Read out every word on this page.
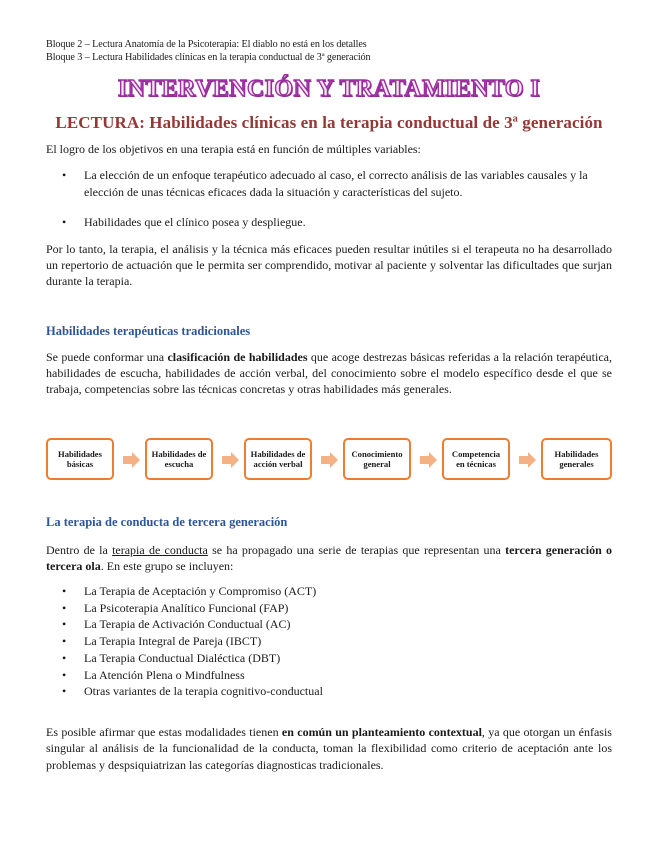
Bloque 2 – Lectura Anatomía de la Psicoterapia: El diablo no está en los detalles
Bloque 3 – Lectura Habilidades clínicas en la terapia conductual de 3ª generación
INTERVENCIÓN Y TRATAMIENTO I
LECTURA: Habilidades clínicas en la terapia conductual de 3ª generación

El logro de los objetivos en una terapia está en función de múltiples variables:

• La elección de un enfoque terapéutico adecuado al caso, el correcto análisis de las variables causales y la elección de unas técnicas eficaces dada la situación y características del sujeto.
• Habilidades que el clínico posea y despliegue.

Por lo tanto, la terapia, el análisis y la técnica más eficaces pueden resultar inútiles si el terapeuta no ha desarrollado un repertorio de actuación que le permita ser comprendido, motivar al paciente y solventar las dificultades que surjan durante la terapia.

Habilidades terapéuticas tradicionales

Se puede conformar una clasificación de habilidades que acoge destrezas básicas referidas a la relación terapéutica, habilidades de escucha, habilidades de acción verbal, del conocimiento sobre el modelo específico desde el que se trabaja, competencias sobre las técnicas concretas y otras habilidades más generales.

Habilidades básicas
Habilidades de escucha
Habilidades de acción verbal
Conocimiento general
Competencia en técnicas
Habilidades generales
La terapia de conducta de tercera generación

Dentro de la terapia de conducta se ha propagado una serie de terapias que representan una tercera generación o tercera ola. En este grupo se incluyen:

• La Terapia de Aceptación y Compromiso (ACT)
• La Psicoterapia Analítico Funcional (FAP)
• La Terapia de Activación Conductual (AC)
• La Terapia Integral de Pareja (IBCT)
• La Terapia Conductual Dialéctica (DBT)
• La Atención Plena o Mindfulness
• Otras variantes de la terapia cognitivo-conductual

Es posible afirmar que estas modalidades tienen en común un planteamiento contextual, ya que otorgan un énfasis singular al análisis de la funcionalidad de la conducta, toman la flexibilidad como criterio de aceptación ante los problemas y despsiquiatrizan las categorías diagnosticas tradicionales.
